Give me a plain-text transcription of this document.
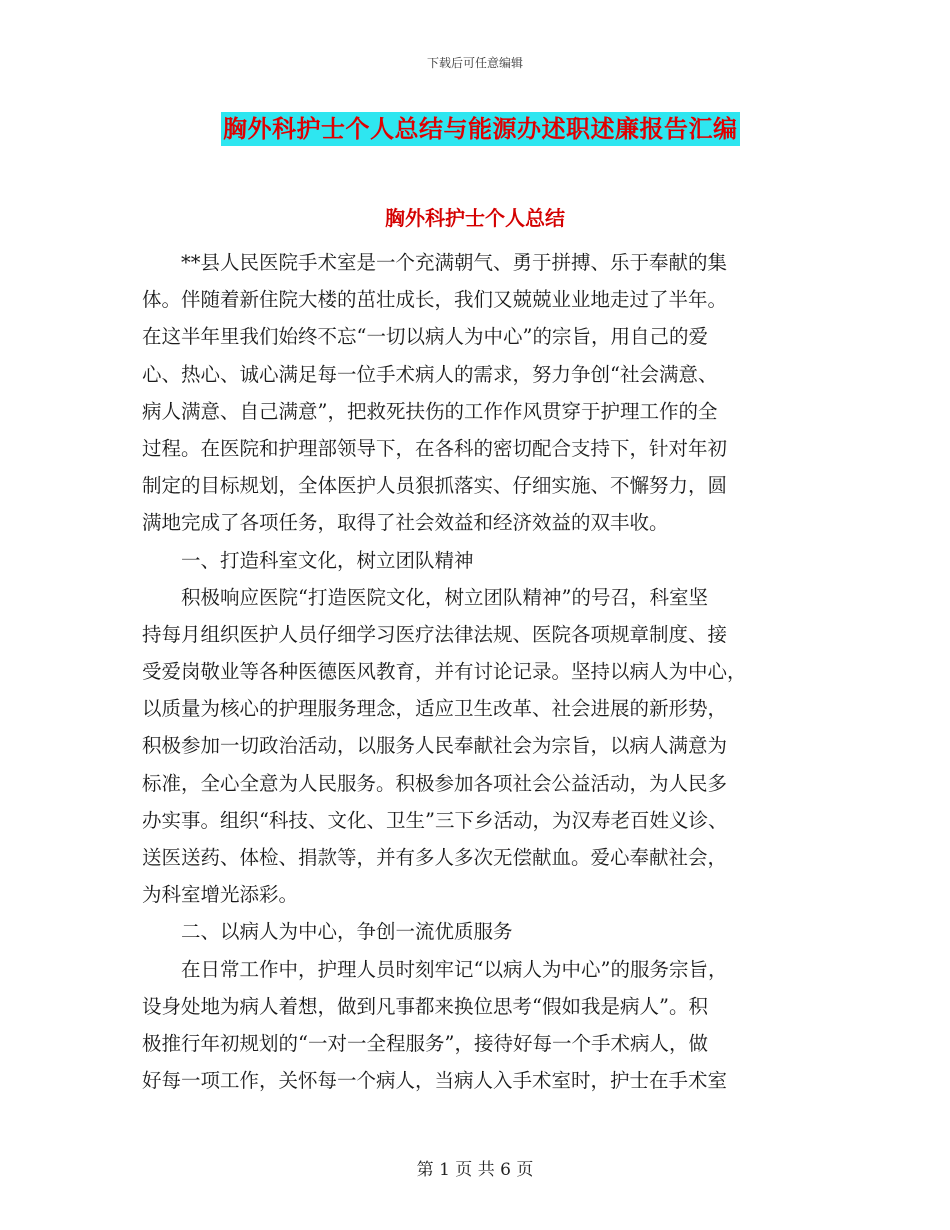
下载后可任意编辑
胸外科护士个人总结与能源办述职述廉报告汇编
胸外科护士个人总结
　　**县人民医院手术室是一个充满朝气、勇于拼搏、乐于奉献的集
体。伴随着新住院大楼的茁壮成长，我们又兢兢业业地走过了半年。
在这半年里我们始终不忘“一切以病人为中心”的宗旨，用自己的爱
心、热心、诚心满足每一位手术病人的需求，努力争创“社会满意、
病人满意、自己满意”，把救死扶伤的工作作风贯穿于护理工作的全
过程。在医院和护理部领导下，在各科的密切配合支持下，针对年初
制定的目标规划，全体医护人员狠抓落实、仔细实施、不懈努力，圆
满地完成了各项任务，取得了社会效益和经济效益的双丰收。
　　一、打造科室文化，树立团队精神
　　积极响应医院“打造医院文化，树立团队精神”的号召，科室坚
持每月组织医护人员仔细学习医疗法律法规、医院各项规章制度、接
受爱岗敬业等各种医德医风教育，并有讨论记录。坚持以病人为中心，
以质量为核心的护理服务理念，适应卫生改革、社会进展的新形势，
积极参加一切政治活动，以服务人民奉献社会为宗旨，以病人满意为
标准，全心全意为人民服务。积极参加各项社会公益活动，为人民多
办实事。组织“科技、文化、卫生”三下乡活动，为汉寿老百姓义诊、
送医送药、体检、捐款等，并有多人多次无偿献血。爱心奉献社会，
为科室增光添彩。
　　二、以病人为中心，争创一流优质服务
　　在日常工作中，护理人员时刻牢记“以病人为中心”的服务宗旨，
设身处地为病人着想，做到凡事都来换位思考“假如我是病人”。积
极推行年初规划的“一对一全程服务”，接待好每一个手术病人，做
好每一项工作，关怀每一个病人，当病人入手术室时，护士在手术室
第 1 页 共 6 页
